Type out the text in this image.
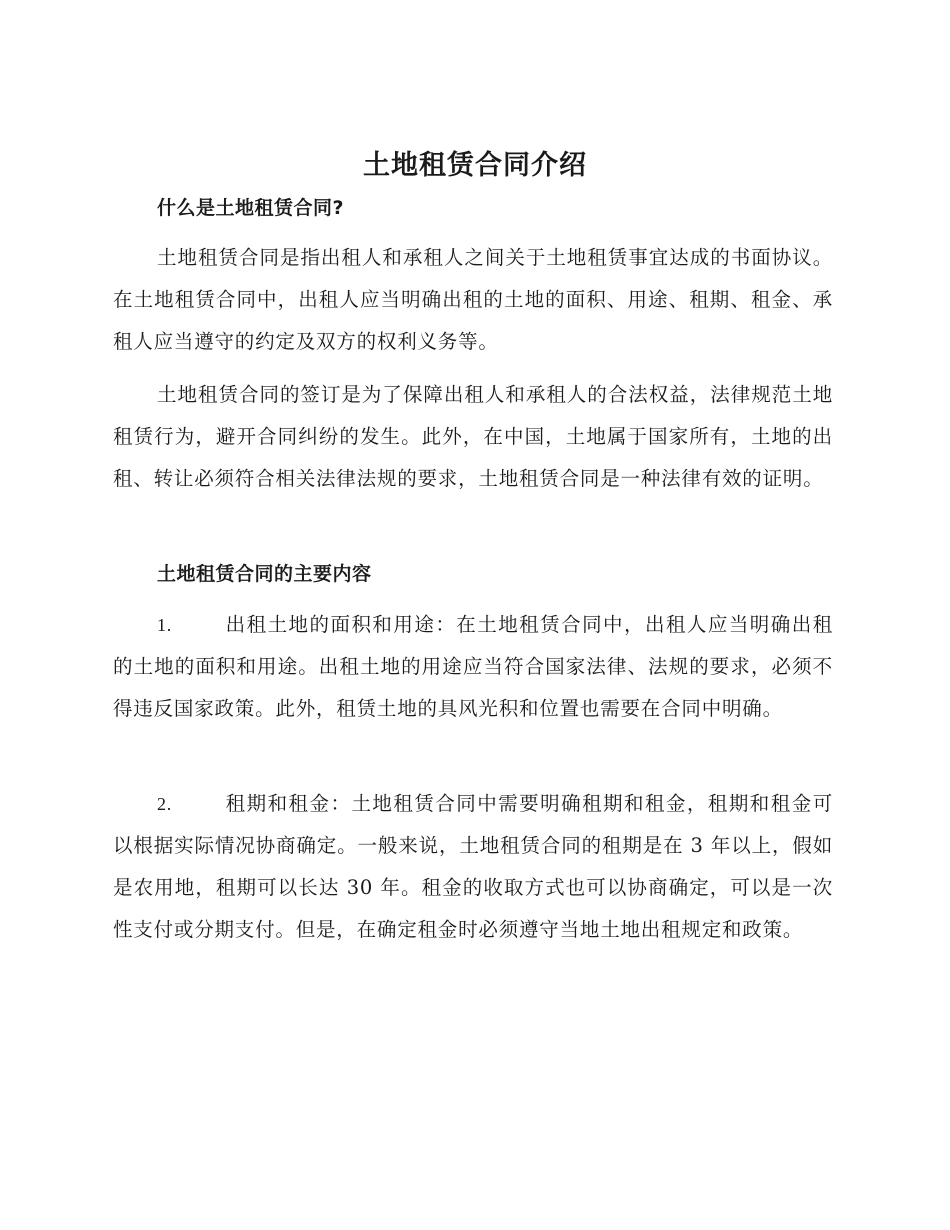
土地租赁合同介绍
什么是土地租赁合同?

土地租赁合同是指出租人和承租人之间关于土地租赁事宜达成的书面协议。在土地租赁合同中，出租人应当明确出租的土地的面积、用途、租期、租金、承租人应当遵守的约定及双方的权利义务等。

土地租赁合同的签订是为了保障出租人和承租人的合法权益，法律规范土地租赁行为，避开合同纠纷的发生。此外，在中国，土地属于国家所有，土地的出租、转让必须符合相关法律法规的要求，土地租赁合同是一种法律有效的证明。

土地租赁合同的主要内容

1.	出租土地的面积和用途：在土地租赁合同中，出租人应当明确出租的土地的面积和用途。出租土地的用途应当符合国家法律、法规的要求，必须不得违反国家政策。此外，租赁土地的具风光积和位置也需要在合同中明确。

2.	租期和租金：土地租赁合同中需要明确租期和租金，租期和租金可以根据实际情况协商确定。一般来说，土地租赁合同的租期是在 3 年以上，假如是农用地，租期可以长达 30 年。租金的收取方式也可以协商确定，可以是一次性支付或分期支付。但是，在确定租金时必须遵守当地土地出租规定和政策。
